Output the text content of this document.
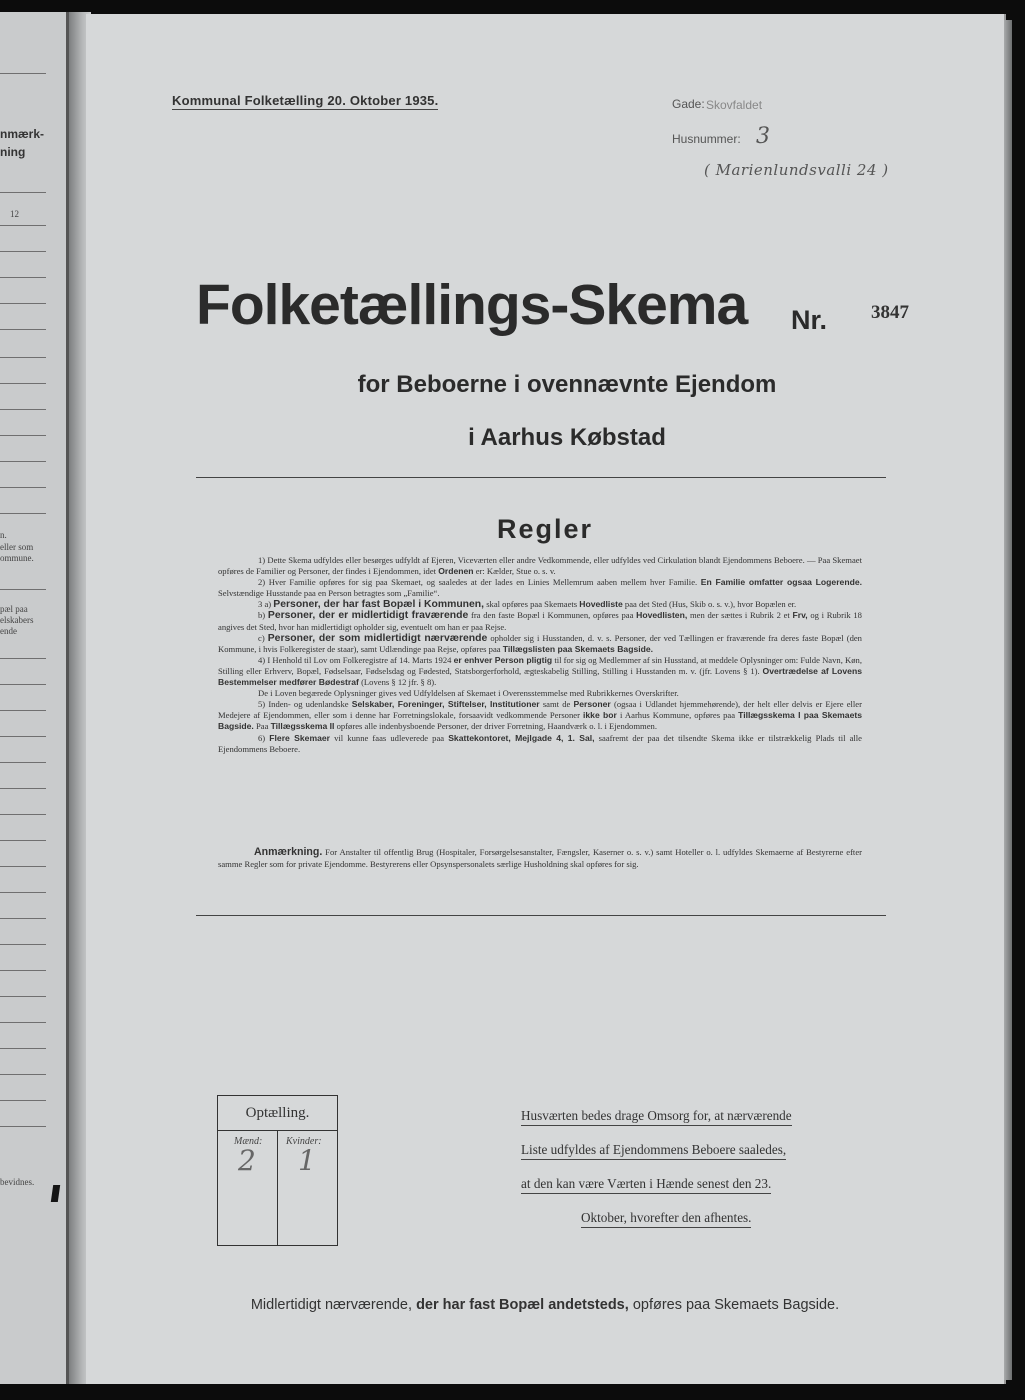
nmærk-
ning
12
n.
eller som
ommune.
pæl paa
elskabers
ende
bevidnes.
Kommunal Folketælling 20. Oktober 1935.	Gade: Skovfaldet
Husnummer: 3
( Marienlundsvalli 24 )
Folketællings-Skema Nr. 3847
for Beboerne i ovennævnte Ejendom
i Aarhus Købstad
Regler

1) Dette Skema udfyldes eller besørges udfyldt af Ejeren, Viceværten eller andre Vedkommende, eller udfyldes ved Cirkulation blandt Ejendommens Beboere. — Paa Skemaet opføres de Familier og Personer, der findes i Ejendommen, idet Ordenen er: Kælder, Stue o. s. v.

2) Hver Familie opføres for sig paa Skemaet, og saaledes at der lades en Linies Mellemrum aaben mellem hver Familie. En Familie omfatter ogsaa Logerende. Selvstændige Husstande paa en Person betragtes som „Familie“.

3 a) Personer, der har fast Bopæl i Kommunen, skal opføres paa Skemaets Hovedliste paa det Sted (Hus, Skib o. s. v.), hvor Bopælen er.

b) Personer, der er midlertidigt fraværende fra den faste Bopæl i Kommunen, opføres paa Hovedlisten, men der sættes i Rubrik 2 et Frv, og i Rubrik 18 angives det Sted, hvor han midlertidigt opholder sig, eventuelt om han er paa Rejse.

c) Personer, der som midlertidigt nærværende opholder sig i Husstanden, d. v. s. Personer, der ved Tællingen er fraværende fra deres faste Bopæl (den Kommune, i hvis Folkeregister de staar), samt Udlændinge paa Rejse, opføres paa Tillægslisten paa Skemaets Bagside.

4) I Henhold til Lov om Folkeregistre af 14. Marts 1924 er enhver Person pligtig til for sig og Medlemmer af sin Husstand, at meddele Oplysninger om: Fulde Navn, Køn, Stilling eller Erhverv, Bopæl, Fødselsaar, Fødselsdag og Fødested, Statsborgerforhold, ægteskabelig Stilling, Stilling i Husstanden m. v. (jfr. Lovens § 1). Overtrædelse af Lovens Bestemmelser medfører Bødestraf (Lovens § 12 jfr. § 8).

De i Loven begærede Oplysninger gives ved Udfyldelsen af Skemaet i Overensstemmelse med Rubrikkernes Overskrifter.

5) Inden- og udenlandske Selskaber, Foreninger, Stiftelser, Institutioner samt de Personer (ogsaa i Udlandet hjemmehørende), der helt eller delvis er Ejere eller Medejere af Ejendommen, eller som i denne har Forretningslokale, forsaavidt vedkommende Personer ikke bor i Aarhus Kommune, opføres paa Tillægsskema I paa Skemaets Bagside. Paa Tillægsskema II opføres alle indenbysboende Personer, der driver Forretning, Haandværk o. l. i Ejendommen.

6) Flere Skemaer vil kunne faas udleverede paa Skattekontoret, Mejlgade 4, 1. Sal, saafremt der paa det tilsendte Skema ikke er tilstrækkelig Plads til alle Ejendommens Beboere.

Anmærkning. For Anstalter til offentlig Brug (Hospitaler, Forsørgelsesanstalter, Fængsler, Kaserner o. s. v.) samt Hoteller o. l. udfyldes Skemaerne af Bestyrerne efter samme Regler som for private Ejendomme. Bestyrerens eller Opsynspersonalets særlige Husholdning skal opføres for sig.

Optælling.
Mænd: Kvinder:
2 1
Husværten bedes drage Omsorg for, at nærværende
Liste udfyldes af Ejendommens Beboere saaledes,
at den kan være Værten i Hænde senest den 23.
Oktober, hvorefter den afhentes.
Midlertidigt nærværende, der har fast Bopæl andetsteds, opføres paa Skemaets Bagside.
